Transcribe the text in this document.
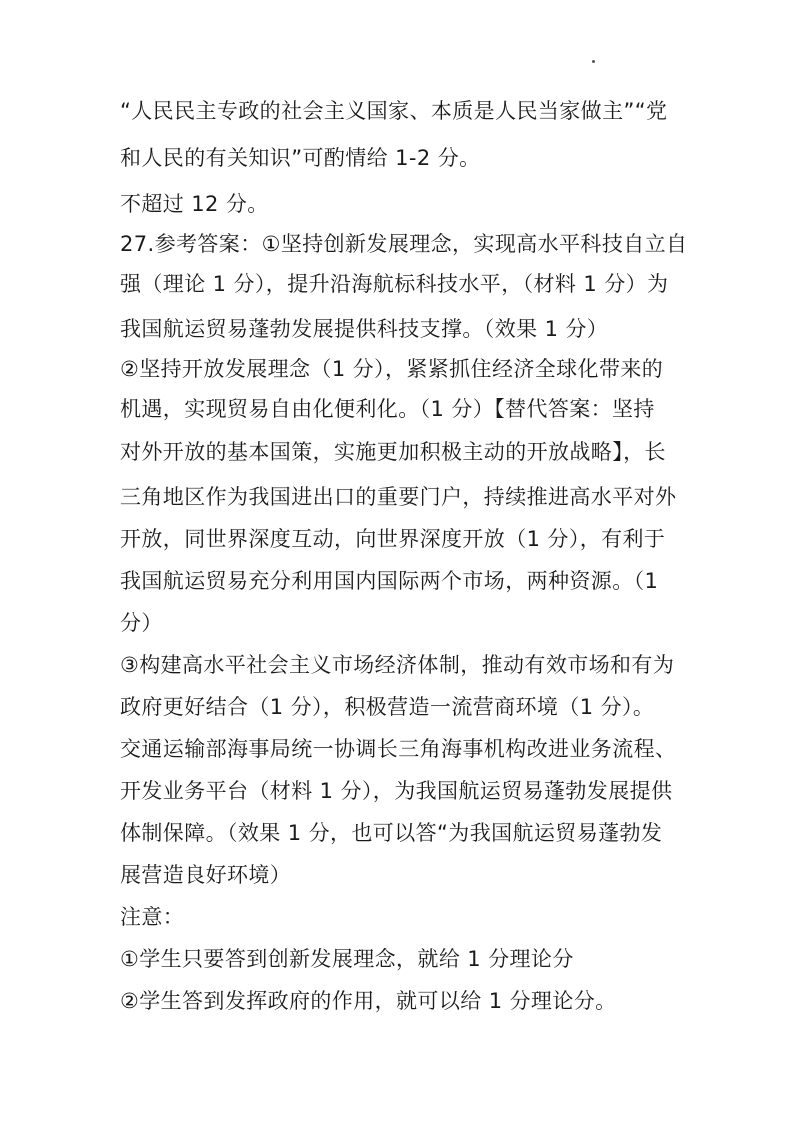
“人民民主专政的社会主义国家、本质是人民当家做主”“党
和人民的有关知识”可酌情给 1-2 分。
不超过 12 分。
27.参考答案：①坚持创新发展理念，实现高水平科技自立自
强（理论 1 分），提升沿海航标科技水平，（材料 1 分）为
我国航运贸易蓬勃发展提供科技支撑。（效果 1 分）
②坚持开放发展理念（1 分），紧紧抓住经济全球化带来的
机遇，实现贸易自由化便利化。（1 分）【替代答案：坚持
对外开放的基本国策，实施更加积极主动的开放战略】，长
三角地区作为我国进出口的重要门户，持续推进高水平对外
开放，同世界深度互动，向世界深度开放（1 分），有利于
我国航运贸易充分利用国内国际两个市场，两种资源。（1
分）
③构建高水平社会主义市场经济体制，推动有效市场和有为
政府更好结合（1 分），积极营造一流营商环境（1 分）。
交通运输部海事局统一协调长三角海事机构改进业务流程、
开发业务平台（材料 1 分），为我国航运贸易蓬勃发展提供
体制保障。（效果 1 分，也可以答“为我国航运贸易蓬勃发
展营造良好环境）
注意：
①学生只要答到创新发展理念，就给 1 分理论分
②学生答到发挥政府的作用，就可以给 1 分理论分。
